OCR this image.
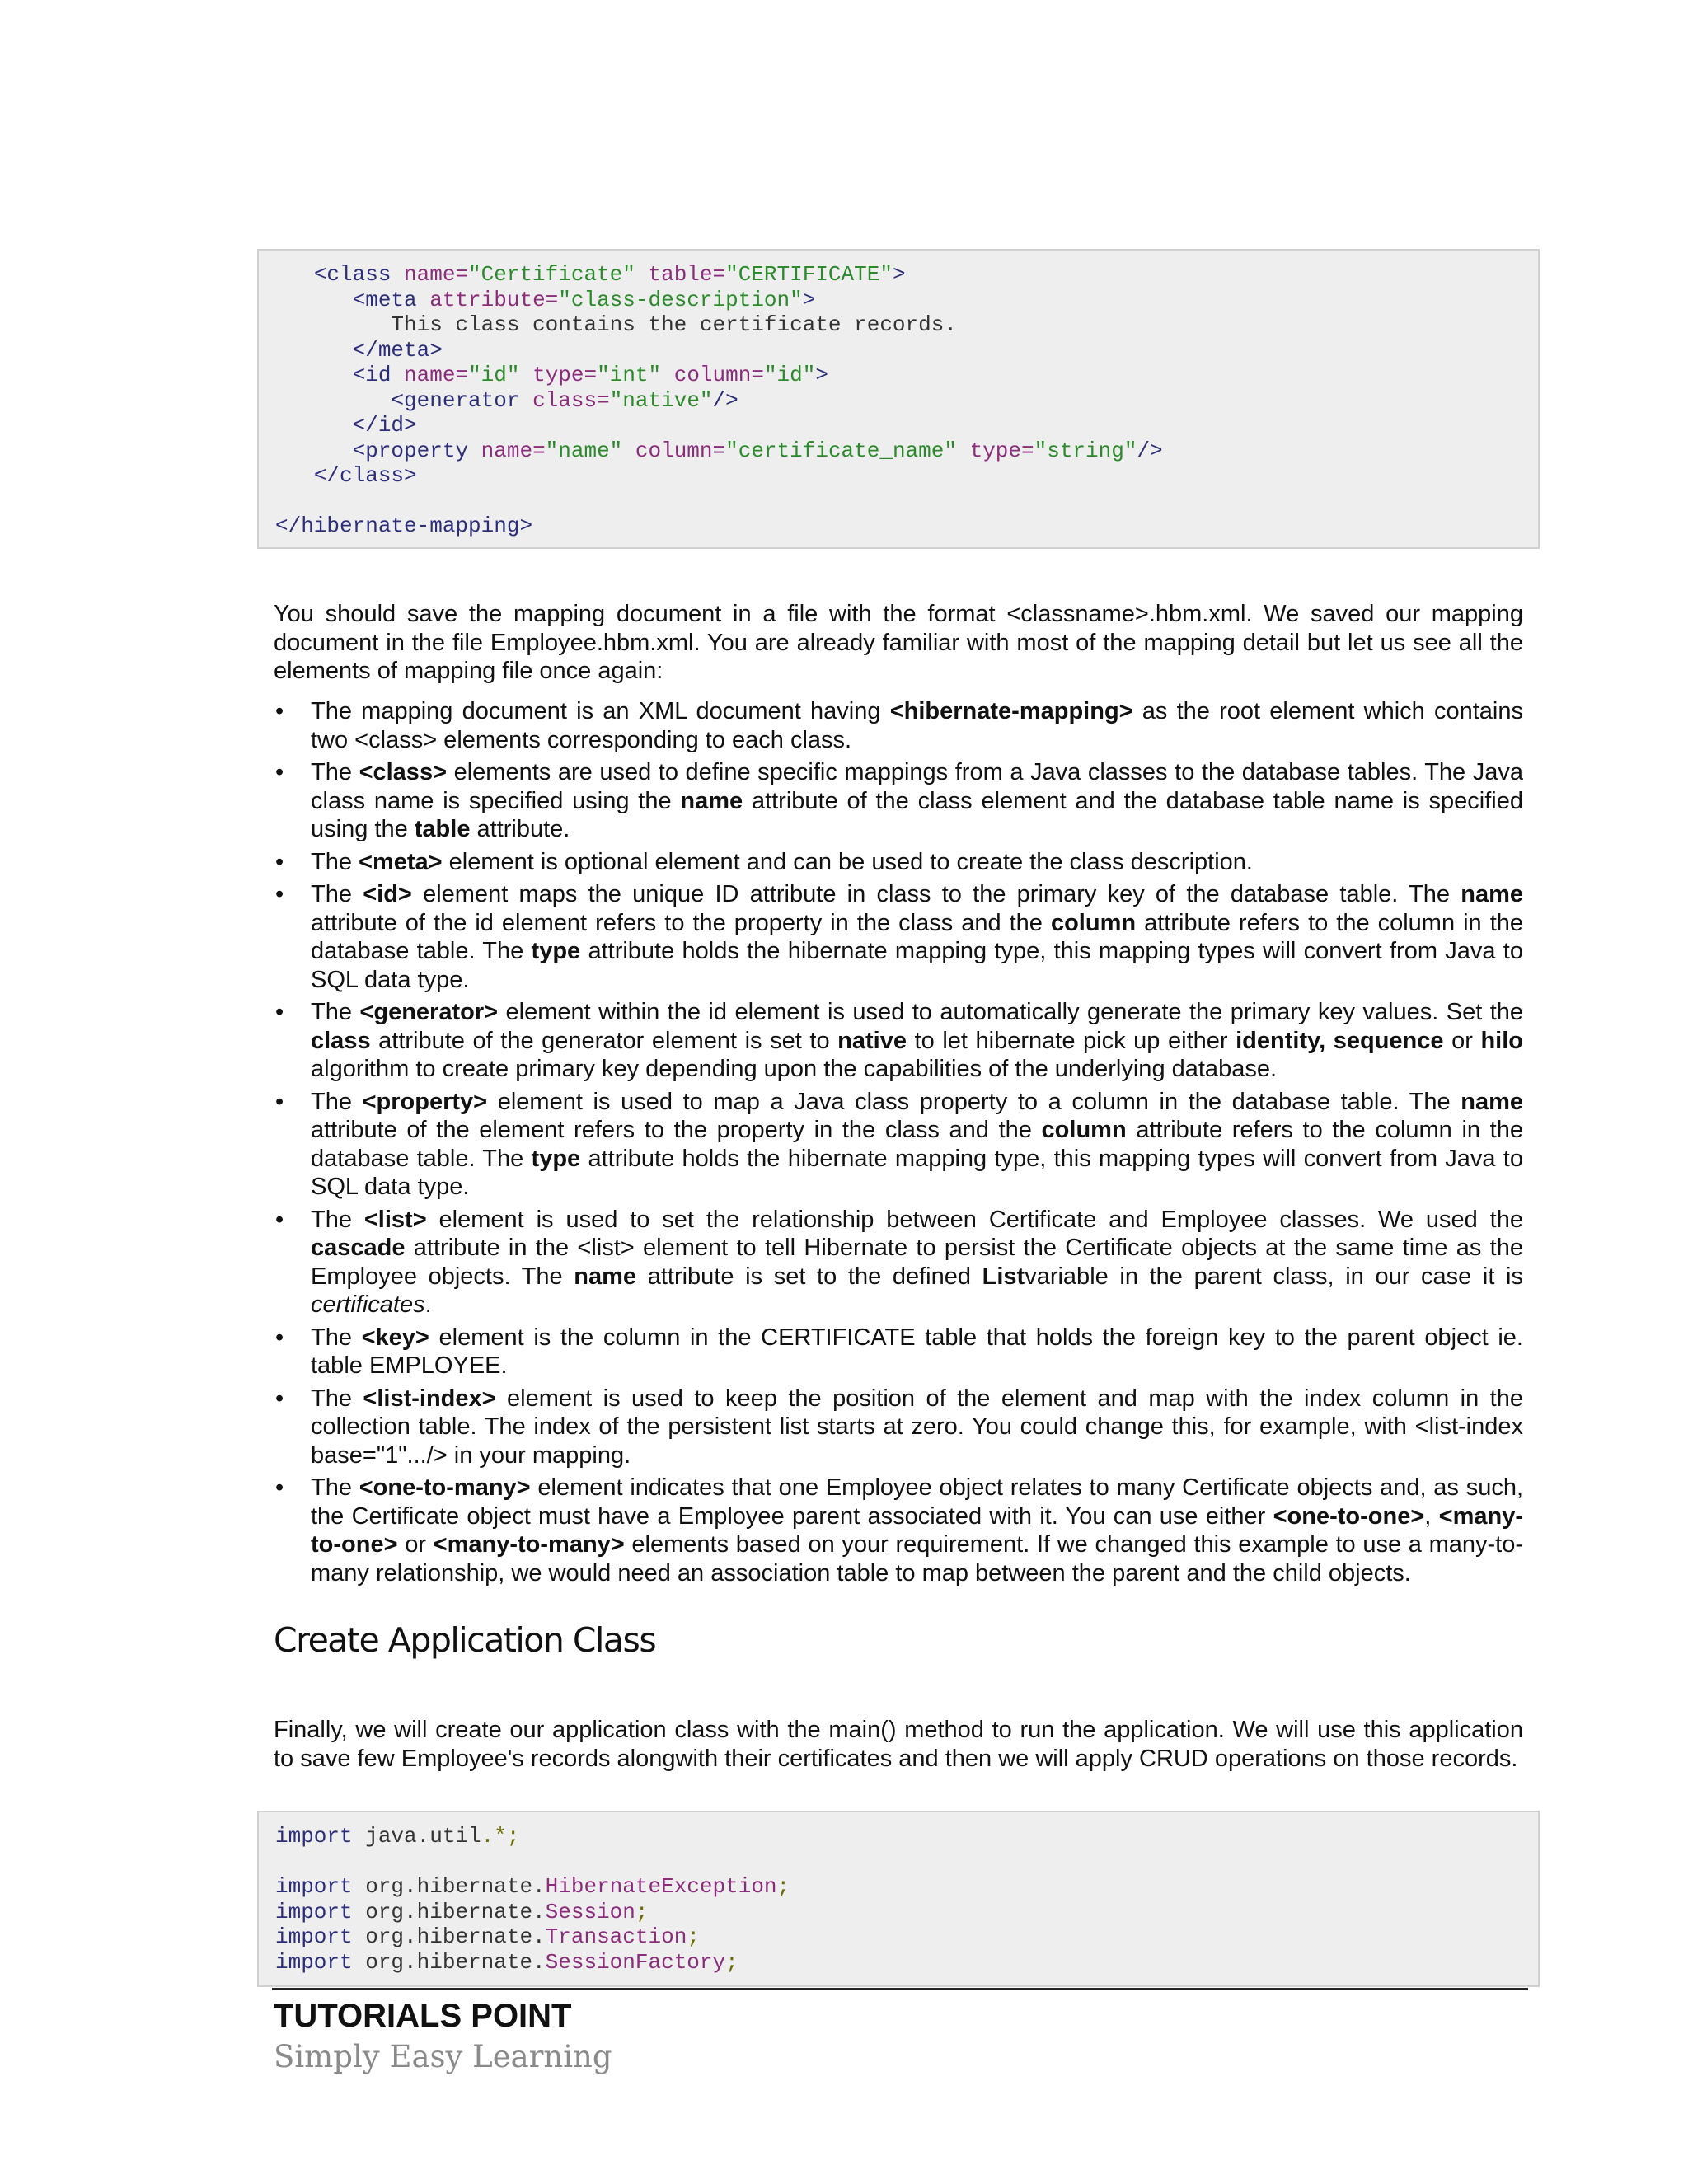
<class name="Certificate" table="CERTIFICATE">
<meta attribute="class-description">
This class contains the certificate records.
</meta>
<id name="id" type="int" column="id">
<generator class="native"/>
</id>
<property name="name" column="certificate_name" type="string"/>
</class>
</hibernate-mapping>

You should save the mapping document in a file with the format <classname>.hbm.xml. We saved our mapping document in the file Employee.hbm.xml. You are already familiar with most of the mapping detail but let us see all the elements of mapping file once again:

• The mapping document is an XML document having <hibernate-mapping> as the root element which contains two <class> elements corresponding to each class.
• The <class> elements are used to define specific mappings from a Java classes to the database tables. The Java class name is specified using the name attribute of the class element and the database table name is specified using the table attribute.
• The <meta> element is optional element and can be used to create the class description.
• The <id> element maps the unique ID attribute in class to the primary key of the database table. The name attribute of the id element refers to the property in the class and the column attribute refers to the column in the database table. The type attribute holds the hibernate mapping type, this mapping types will convert from Java to SQL data type.
• The <generator> element within the id element is used to automatically generate the primary key values. Set the class attribute of the generator element is set to native to let hibernate pick up either identity, sequence or hilo algorithm to create primary key depending upon the capabilities of the underlying database.
• The <property> element is used to map a Java class property to a column in the database table. The name attribute of the element refers to the property in the class and the column attribute refers to the column in the database table. The type attribute holds the hibernate mapping type, this mapping types will convert from Java to SQL data type.
• The <list> element is used to set the relationship between Certificate and Employee classes. We used the cascade attribute in the <list> element to tell Hibernate to persist the Certificate objects at the same time as the Employee objects. The name attribute is set to the defined Listvariable in the parent class, in our case it is certificates.
• The <key> element is the column in the CERTIFICATE table that holds the foreign key to the parent object ie. table EMPLOYEE.
• The <list-index> element is used to keep the position of the element and map with the index column in the collection table. The index of the persistent list starts at zero. You could change this, for example, with <list-index base="1".../> in your mapping.
• The <one-to-many> element indicates that one Employee object relates to many Certificate objects and, as such, the Certificate object must have a Employee parent associated with it. You can use either <one-to-one>, <many-to-one> or <many-to-many> elements based on your requirement. If we changed this example to use a many-to-many relationship, we would need an association table to map between the parent and the child objects.
Create Application Class

Finally, we will create our application class with the main() method to run the application. We will use this application to save few Employee's records alongwith their certificates and then we will apply CRUD operations on those records.

import java.util.*;
import org.hibernate.HibernateException;
import org.hibernate.Session;
import org.hibernate.Transaction;
import org.hibernate.SessionFactory;
TUTORIALS POINT
Simply Easy Learning
